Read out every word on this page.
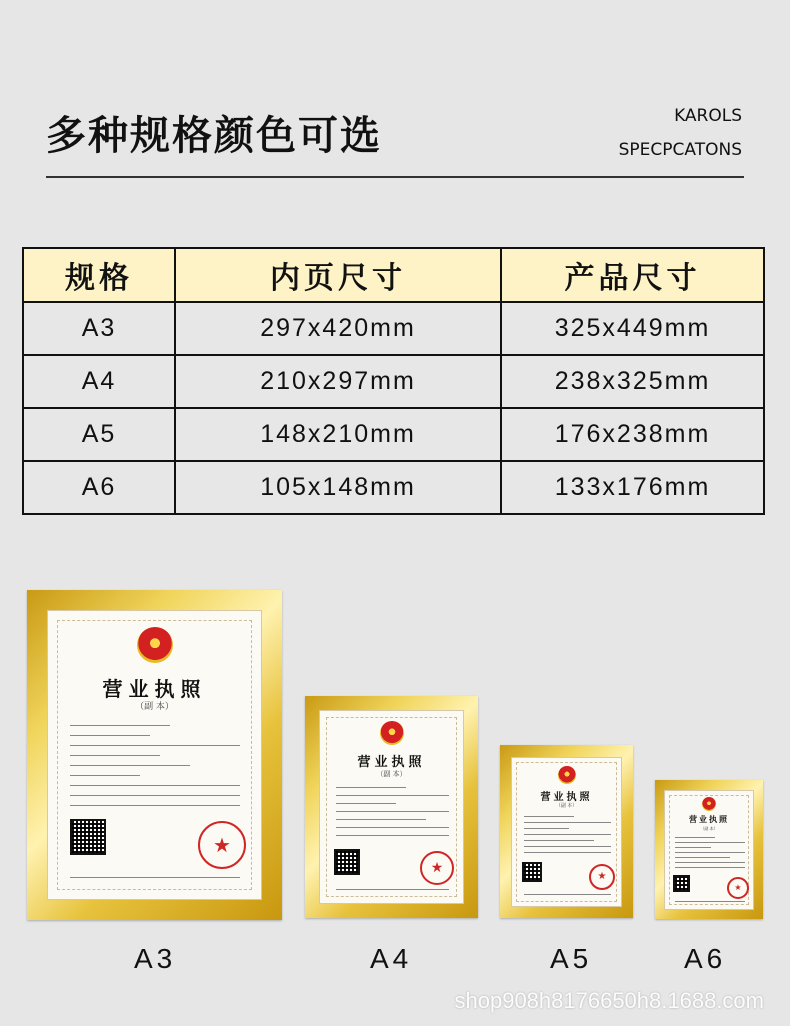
多种规格颜色可选	KAROLS
SPECPCATONS
规格	内页尺寸	产品尺寸
A3	297x420mm	325x449mm
A4	210x297mm	238x325mm
A5	148x210mm	176x238mm
A6	105x148mm	133x176mm
营业执照
（副 本）
★
营业执照
（副 本）
★
营业执照
（副 本）
★
营业执照
（副 本）
★
A3	A4	A5	A6
shop908h8176650h8.1688.com
